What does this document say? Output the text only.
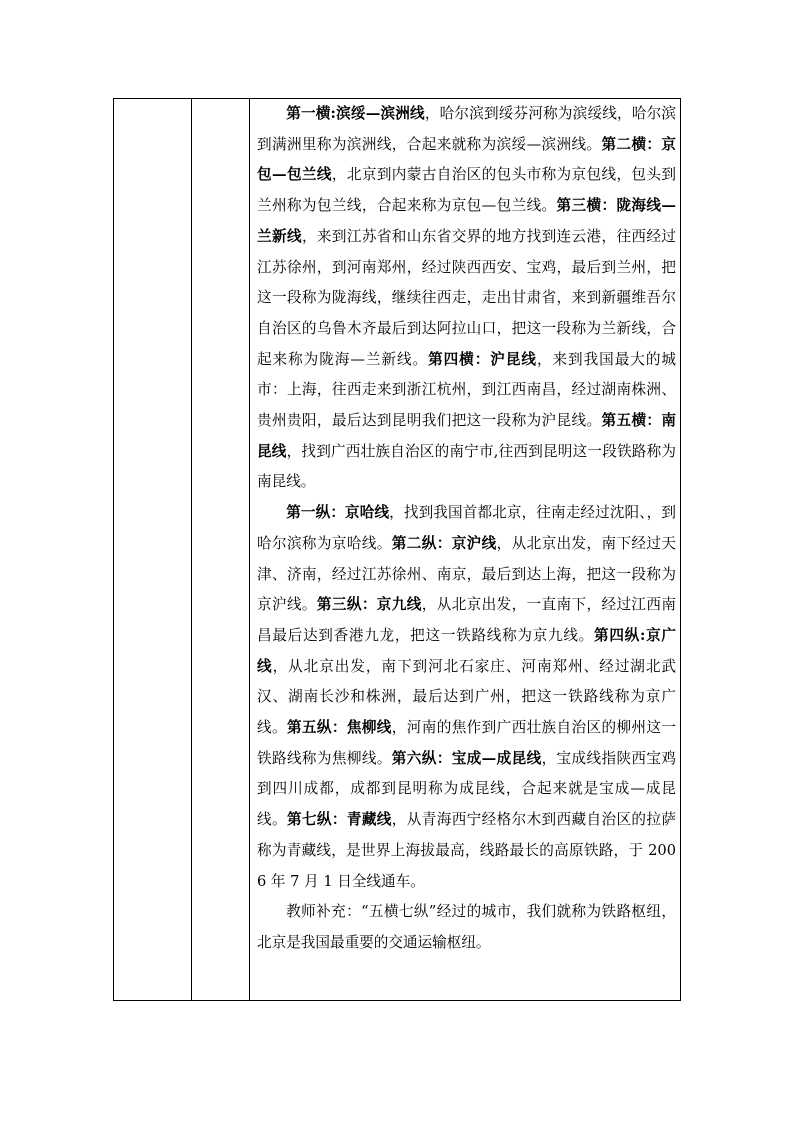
第一横:滨绥—滨洲线，哈尔滨到绥芬河称为滨绥线，哈尔滨到满洲里称为滨洲线，合起来就称为滨绥—滨洲线。第二横：京包—包兰线，北京到内蒙古自治区的包头市称为京包线，包头到兰州称为包兰线，合起来称为京包—包兰线。第三横：陇海线—兰新线，来到江苏省和山东省交界的地方找到连云港，往西经过江苏徐州，到河南郑州，经过陕西西安、宝鸡，最后到兰州，把这一段称为陇海线，继续往西走，走出甘肃省，来到新疆维吾尔自治区的乌鲁木齐最后到达阿拉山口，把这一段称为兰新线，合起来称为陇海—兰新线。第四横：沪昆线，来到我国最大的城市：上海，往西走来到浙江杭州，到江西南昌，经过湖南株洲、贵州贵阳，最后达到昆明我们把这一段称为沪昆线。第五横：南昆线，找到广西壮族自治区的南宁市,往西到昆明这一段铁路称为南昆线。

第一纵：京哈线，找到我国首都北京，往南走经过沈阳、，到哈尔滨称为京哈线。第二纵：京沪线，从北京出发，南下经过天津、济南，经过江苏徐州、南京，最后到达上海，把这一段称为京沪线。第三纵：京九线，从北京出发，一直南下，经过江西南昌最后达到香港九龙，把这一铁路线称为京九线。第四纵:京广线，从北京出发，南下到河北石家庄、河南郑州、经过湖北武汉、湖南长沙和株洲，最后达到广州，把这一铁路线称为京广线。第五纵：焦柳线，河南的焦作到广西壮族自治区的柳州这一铁路线称为焦柳线。第六纵：宝成—成昆线，宝成线指陕西宝鸡到四川成都，成都到昆明称为成昆线，合起来就是宝成—成昆线。第七纵：青藏线，从青海西宁经格尔木到西藏自治区的拉萨称为青藏线，是世界上海拔最高，线路最长的高原铁路，于 2006 年 7 月 1 日全线通车。

教师补充：“五横七纵”经过的城市，我们就称为铁路枢纽，北京是我国最重要的交通运输枢纽。
